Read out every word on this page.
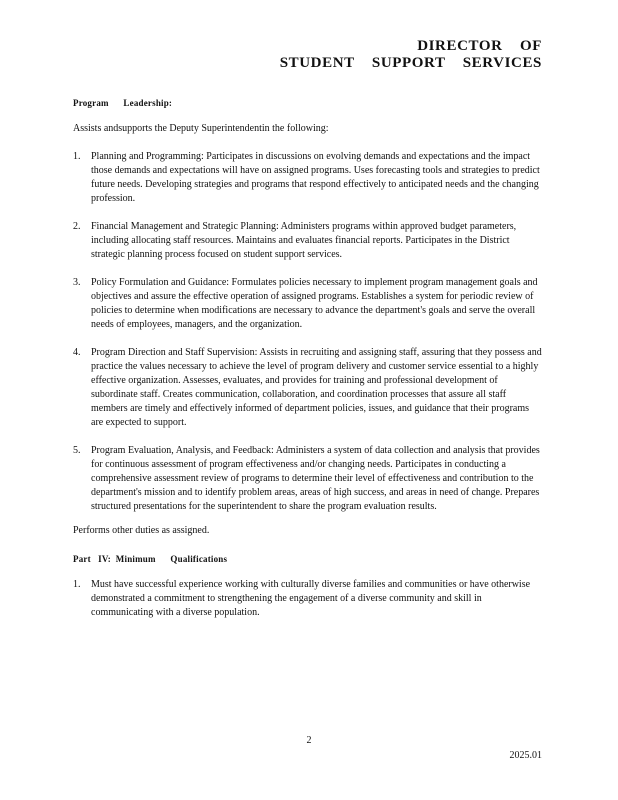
DIRECTOR    OF
STUDENT    SUPPORT    SERVICES
Program      Leadership:

Assists andsupports the Deputy Superintendentin the following:

1. Planning and Programming: Participates in discussions on evolving demands and expectations and the impact those demands and expectations will have on assigned programs. Uses forecasting tools and strategies to predict future needs. Developing strategies and programs that respond effectively to anticipated needs and the changing profession.
2. Financial Management and Strategic Planning: Administers programs within approved budget parameters, including allocating staff resources. Maintains and evaluates financial reports. Participates in the District strategic planning process focused on student support services.
3. Policy Formulation and Guidance: Formulates policies necessary to implement program management goals and objectives and assure the effective operation of assigned programs. Establishes a system for periodic review of policies to determine when modifications are necessary to advance the department's goals and serve the overall needs of employees, managers, and the organization.
4. Program Direction and Staff Supervision: Assists in recruiting and assigning staff, assuring that they possess and practice the values necessary to achieve the level of program delivery and customer service essential to a highly effective organization. Assesses, evaluates, and provides for training and professional development of subordinate staff. Creates communication, collaboration, and coordination processes that assure all staff members are timely and effectively informed of department policies, issues, and guidance that their programs are expected to support.
5. Program Evaluation, Analysis, and Feedback: Administers a system of data collection and analysis that provides for continuous assessment of program effectiveness and/or changing needs. Participates in conducting a comprehensive assessment review of programs to determine their level of effectiveness and contribution to the department's mission and to identify problem areas, areas of high success, and areas in need of change. Prepares structured presentations for the superintendent to share the program evaluation results.

Performs other duties as assigned.

Part   IV:  Minimum      Qualifications
1. Must have successful experience working with culturally diverse families and communities or have otherwise demonstrated a commitment to strengthening the engagement of a diverse community and skill in communicating with a diverse population.
2
2025.01
